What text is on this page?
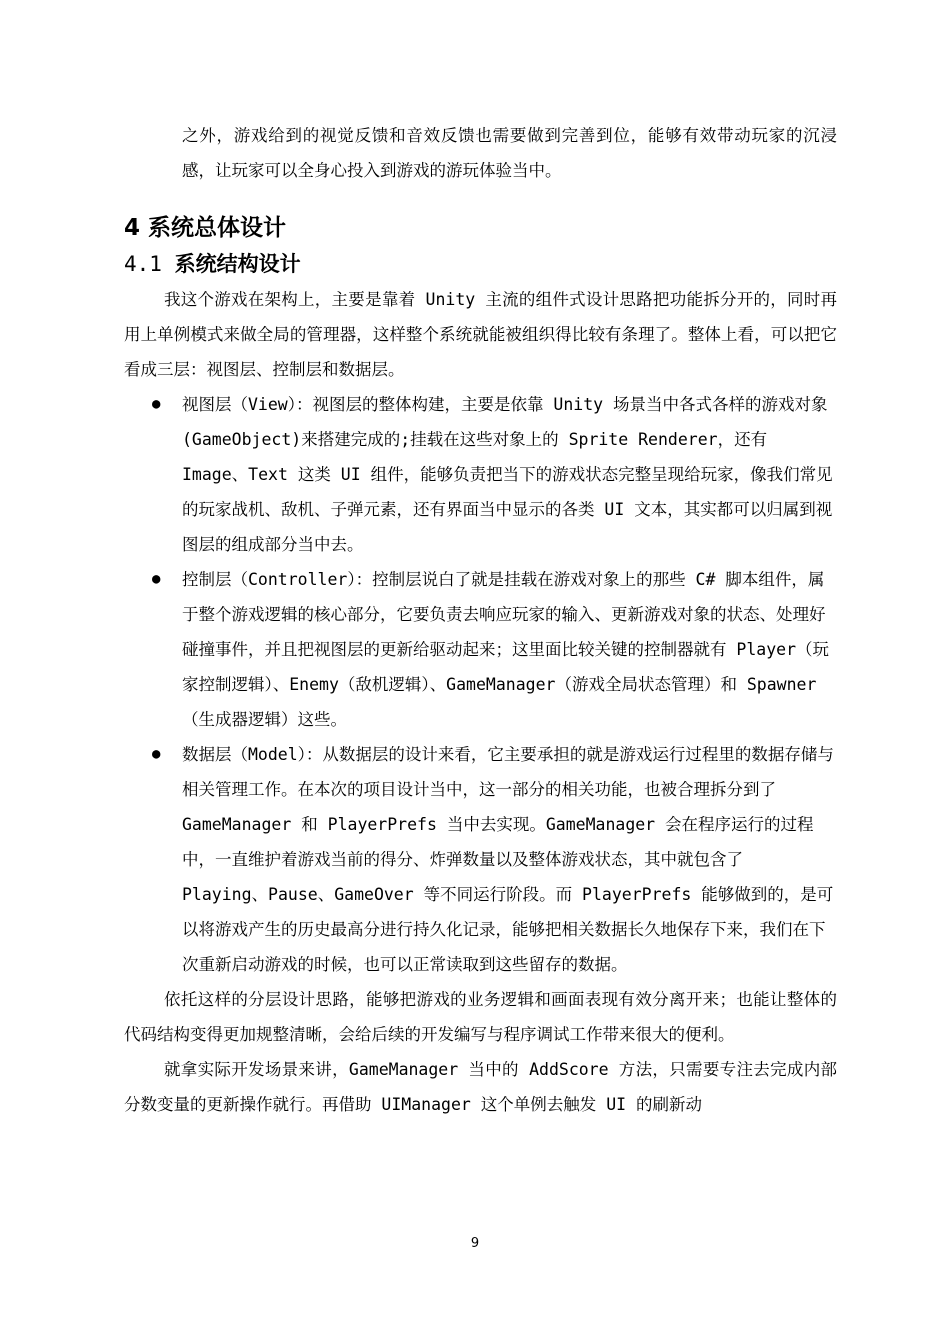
之外，游戏给到的视觉反馈和音效反馈也需要做到完善到位，能够有效带动玩家的沉浸感，让玩家可以全身心投入到游戏的游玩体验当中。

4 系统总体设计
4.1 系统结构设计

我这个游戏在架构上，主要是靠着 Unity 主流的组件式设计思路把功能拆分开的，同时再用上单例模式来做全局的管理器，这样整个系统就能被组织得比较有条理了。整体上看，可以把它看成三层：视图层、控制层和数据层。

● 视图层（View）：视图层的整体构建，主要是依靠 Unity 场景当中各式各样的游戏对象(GameObject)来搭建完成的;挂载在这些对象上的 Sprite Renderer，还有 Image、Text 这类 UI 组件，能够负责把当下的游戏状态完整呈现给玩家，像我们常见的玩家战机、敌机、子弹元素，还有界面当中显示的各类 UI 文本，其实都可以归属到视图层的组成部分当中去。
● 控制层（Controller）：控制层说白了就是挂载在游戏对象上的那些 C# 脚本组件，属于整个游戏逻辑的核心部分，它要负责去响应玩家的输入、更新游戏对象的状态、处理好碰撞事件，并且把视图层的更新给驱动起来；这里面比较关键的控制器就有 Player（玩家控制逻辑）、Enemy（敌机逻辑）、GameManager（游戏全局状态管理）和 Spawner（生成器逻辑）这些。
● 数据层（Model）：从数据层的设计来看，它主要承担的就是游戏运行过程里的数据存储与相关管理工作。在本次的项目设计当中，这一部分的相关功能，也被合理拆分到了 GameManager 和 PlayerPrefs 当中去实现。GameManager 会在程序运行的过程中，一直维护着游戏当前的得分、炸弹数量以及整体游戏状态，其中就包含了 Playing、Pause、GameOver 等不同运行阶段。而 PlayerPrefs 能够做到的，是可以将游戏产生的历史最高分进行持久化记录，能够把相关数据长久地保存下来，我们在下次重新启动游戏的时候，也可以正常读取到这些留存的数据。

依托这样的分层设计思路，能够把游戏的业务逻辑和画面表现有效分离开来；也能让整体的代码结构变得更加规整清晰，会给后续的开发编写与程序调试工作带来很大的便利。

就拿实际开发场景来讲，GameManager 当中的 AddScore 方法，只需要专注去完成内部分数变量的更新操作就行。再借助 UIManager 这个单例去触发 UI 的刷新动

9
